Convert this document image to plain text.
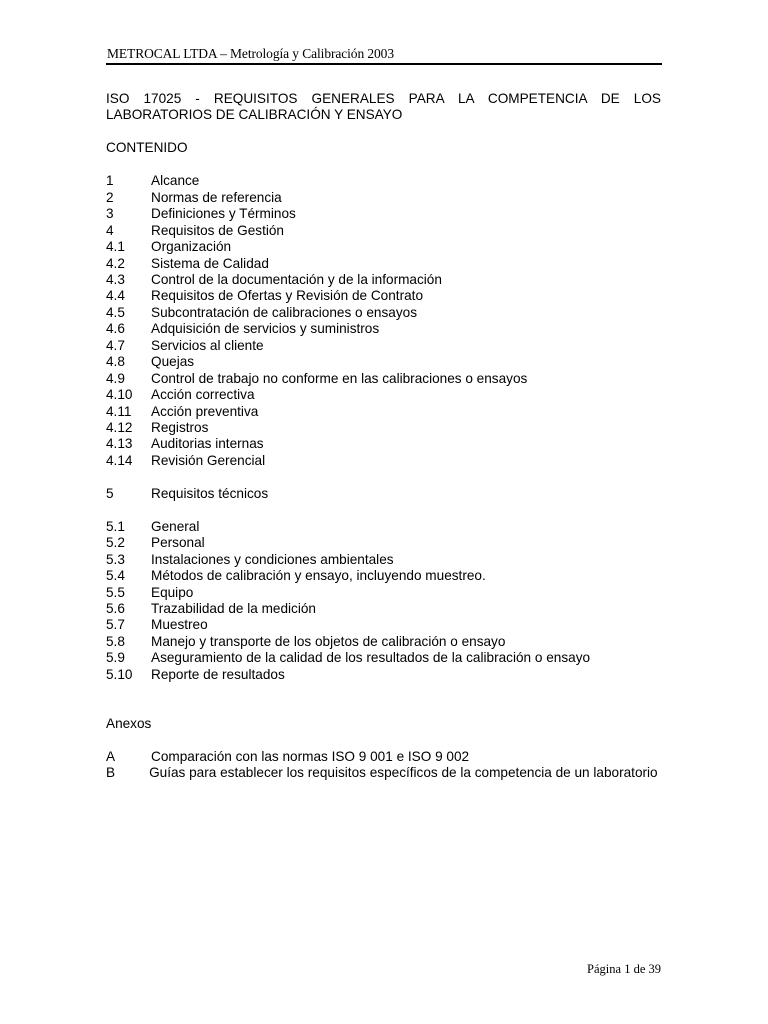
METROCAL LTDA – Metrología y Calibración 2003

ISO 17025 - REQUISITOS GENERALES PARA LA COMPETENCIA DE LOS LABORATORIOS DE CALIBRACIÓN Y ENSAYO

CONTENIDO

1	Alcance
2	Normas de referencia
3	Definiciones y Términos
4	Requisitos de Gestión
4.1	Organización
4.2	Sistema de Calidad
4.3	Control de la documentación y de la información
4.4	Requisitos de Ofertas y Revisión de Contrato
4.5	Subcontratación de calibraciones o ensayos
4.6	Adquisición de servicios y suministros
4.7	Servicios al cliente
4.8	Quejas
4.9	Control de trabajo no conforme en las calibraciones o ensayos
4.10	Acción correctiva
4.11	Acción preventiva
4.12	Registros
4.13	Auditorias internas
4.14	Revisión Gerencial
5	Requisitos técnicos
5.1	General
5.2	Personal
5.3	Instalaciones y condiciones ambientales
5.4	Métodos de calibración y ensayo, incluyendo muestreo.
5.5	Equipo
5.6	Trazabilidad de la medición
5.7	Muestreo
5.8	Manejo y transporte de los objetos de calibración o ensayo
5.9	Aseguramiento de la calidad de los resultados de la calibración o ensayo
5.10	Reporte de resultados

Anexos

A	Comparación con las normas ISO 9 001 e ISO 9 002
B	Guías para establecer los requisitos específicos de la competencia de un laboratorio
Página 1 de 39
